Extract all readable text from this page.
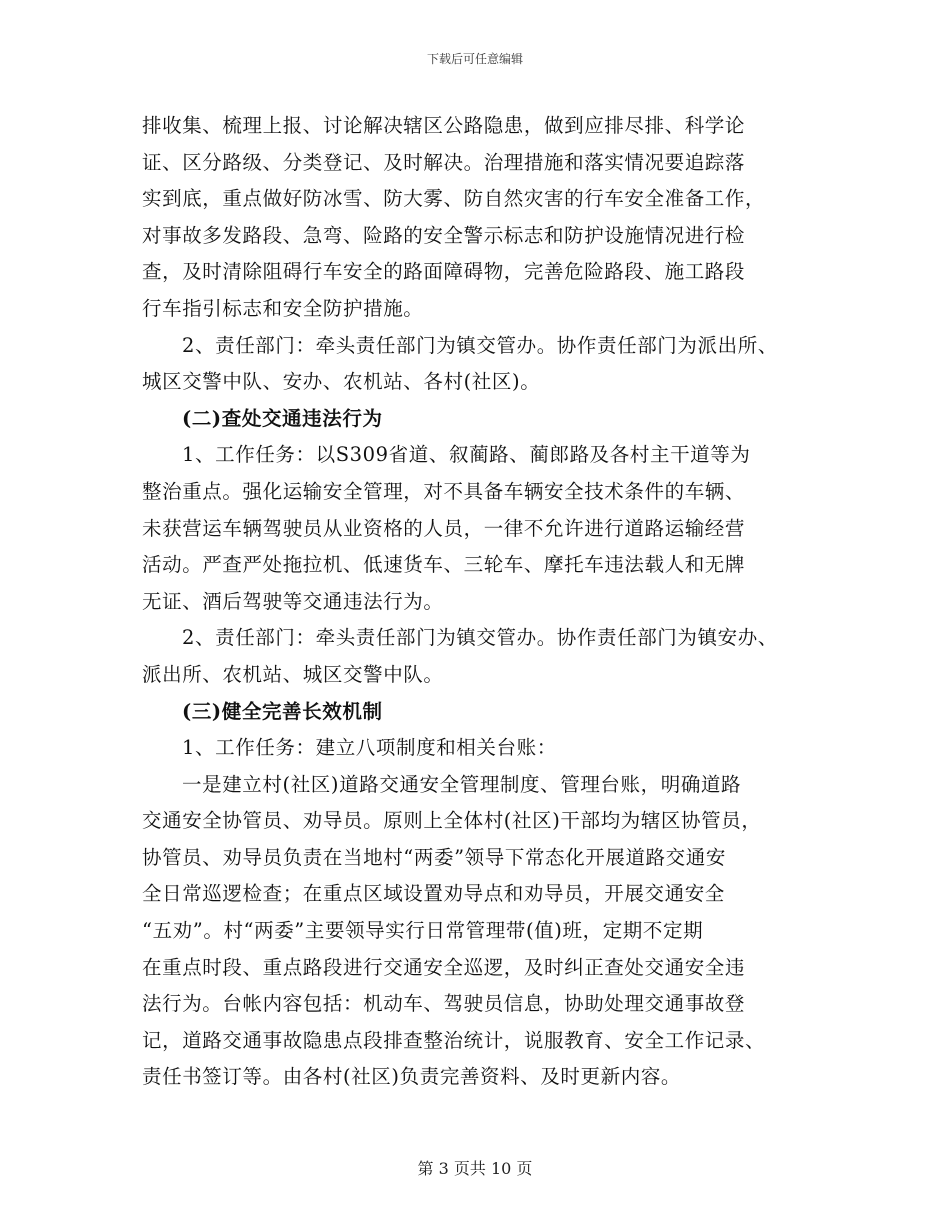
下载后可任意编辑
排收集、梳理上报、讨论解决辖区公路隐患，做到应排尽排、科学论
证、区分路级、分类登记、及时解决。治理措施和落实情况要追踪落
实到底，重点做好防冰雪、防大雾、防自然灾害的行车安全准备工作，
对事故多发路段、急弯、险路的安全警示标志和防护设施情况进行检
查，及时清除阻碍行车安全的路面障碍物，完善危险路段、施工路段
行车指引标志和安全防护措施。
2、责任部门：牵头责任部门为镇交管办。协作责任部门为派出所、
城区交警中队、安办、农机站、各村(社区)。
(二)查处交通违法行为
1、工作任务：以S309省道、叙蔺路、蔺郎路及各村主干道等为
整治重点。强化运输安全管理，对不具备车辆安全技术条件的车辆、
未获营运车辆驾驶员从业资格的人员，一律不允许进行道路运输经营
活动。严查严处拖拉机、低速货车、三轮车、摩托车违法载人和无牌
无证、酒后驾驶等交通违法行为。
2、责任部门：牵头责任部门为镇交管办。协作责任部门为镇安办、
派出所、农机站、城区交警中队。
(三)健全完善长效机制
1、工作任务：建立八项制度和相关台账：
一是建立村(社区)道路交通安全管理制度、管理台账，明确道路
交通安全协管员、劝导员。原则上全体村(社区)干部均为辖区协管员，
协管员、劝导员负责在当地村“两委”领导下常态化开展道路交通安
全日常巡逻检查；在重点区域设置劝导点和劝导员，开展交通安全
“五劝”。村“两委”主要领导实行日常管理带(值)班，定期不定期
在重点时段、重点路段进行交通安全巡逻，及时纠正查处交通安全违
法行为。台帐内容包括：机动车、驾驶员信息，协助处理交通事故登
记，道路交通事故隐患点段排查整治统计，说服教育、安全工作记录、
责任书签订等。由各村(社区)负责完善资料、及时更新内容。
第 3 页共 10 页
